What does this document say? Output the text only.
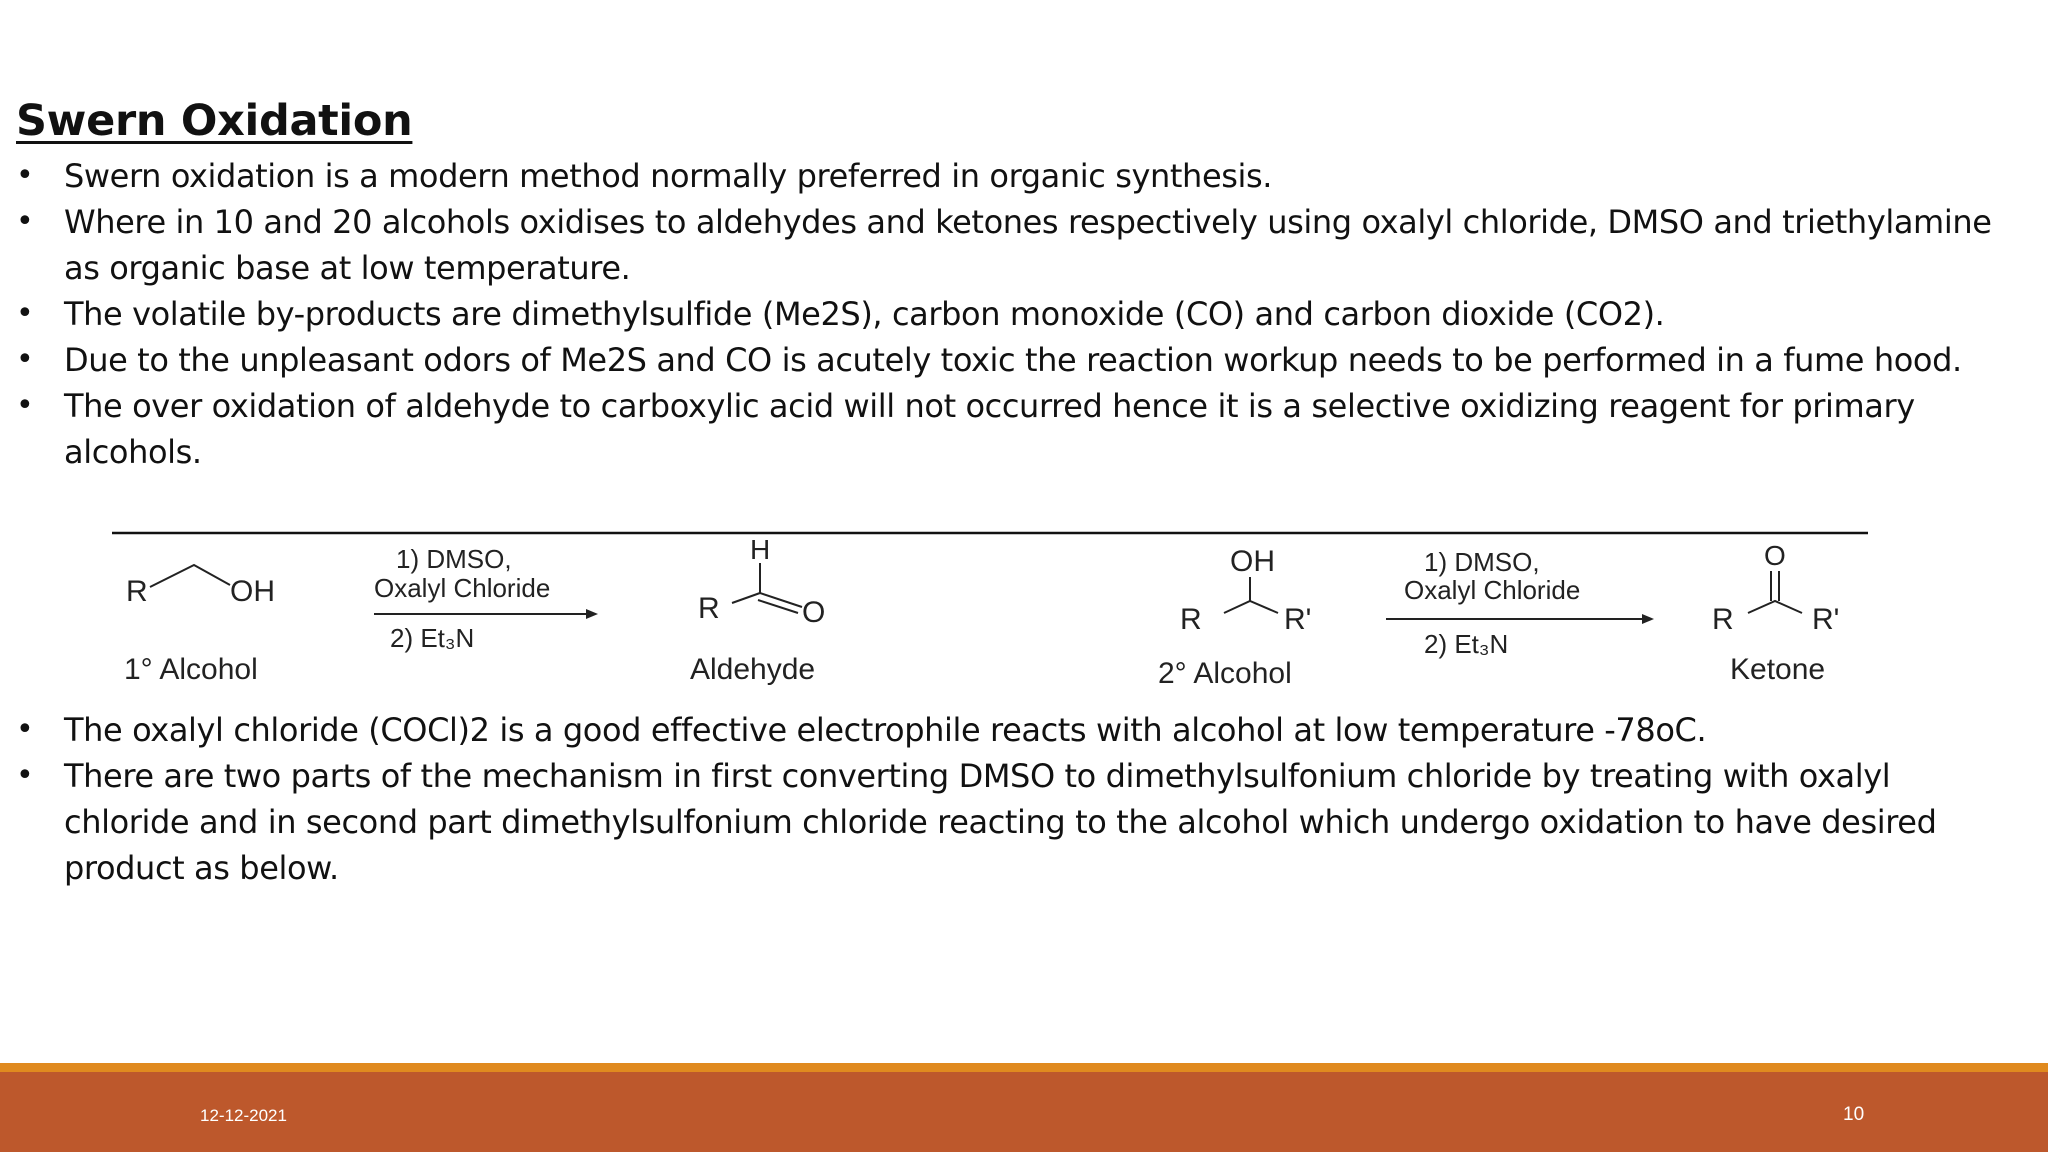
Swern Oxidation
• Swern oxidation is a modern method normally preferred in organic synthesis.
• Where in 10 and 20 alcohols oxidises to aldehydes and ketones respectively using oxalyl chloride, DMSO and triethylamine as organic base at low temperature.
• The volatile by-products are dimethylsulfide (Me2S), carbon monoxide (CO) and carbon dioxide (CO2).
• Due to the unpleasant odors of Me2S and CO is acutely toxic the reaction workup needs to be performed in a fume hood.
• The over oxidation of aldehyde to carboxylic acid will not occurred hence it is a selective oxidizing reagent for primary alcohols.
R	OH
1° Alcohol
1) DMSO,
Oxalyl Chloride
2) Et₃N
H
R	O
Aldehyde
OH
R	R'
2° Alcohol
1) DMSO,
Oxalyl Chloride
2) Et₃N
O
R	R'
Ketone
• The oxalyl chloride (COCl)2 is a good effective electrophile reacts with alcohol at low temperature -78oC.
• There are two parts of the mechanism in first converting DMSO to dimethylsulfonium chloride by treating with oxalyl chloride and in second part dimethylsulfonium chloride reacting to the alcohol which undergo oxidation to have desired product as below.
12-12-2021	10
